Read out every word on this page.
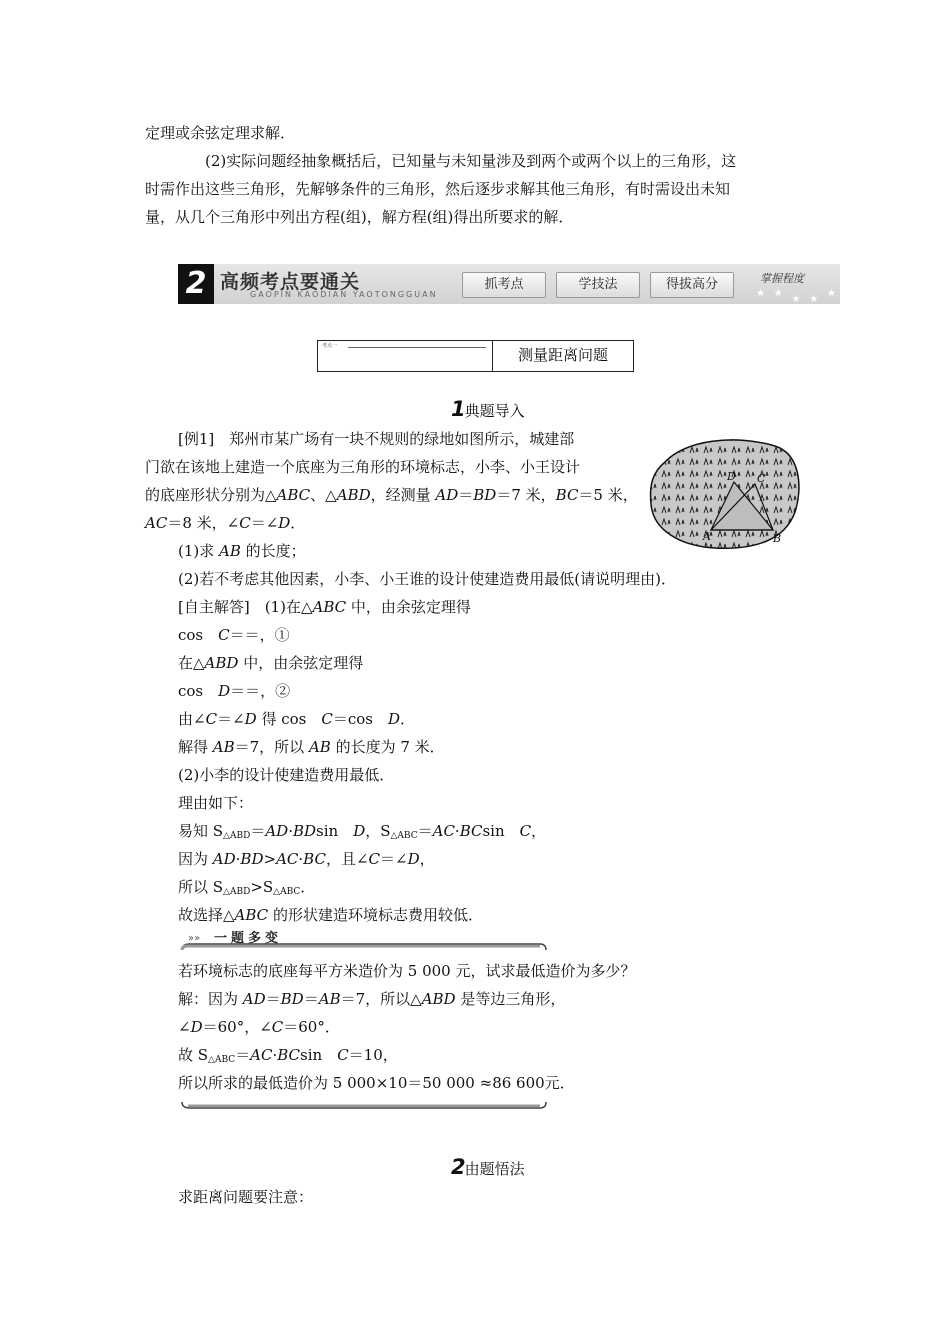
定理或余弦定理求解．
(2)实际问题经抽象概括后，已知量与未知量涉及到两个或两个以上的三角形，这
时需作出这些三角形，先解够条件的三角形，然后逐步求解其他三角形，有时需设出未知
量，从几个三角形中列出方程(组)，解方程(组)得出所要求的解．
2 高频考点要通关
GAOPIN KAODIAN YAOTONGGUAN
抓考点	学技法	得拔高分	掌握程度
★ ★ $_★$ $_★$ ★
考点一	测量距离问题
1典题导入
[例1]　郑州市某广场有一块不规则的绿地如图所示，城建部
门欲在该地上建造一个底座为三角形的环境标志，小李、小王设计
的底座形状分别为△ABC、△ABD，经测量 AD＝BD＝7 米，BC＝5 米，
AC＝8 米，∠C＝∠D．
(1)求 AB 的长度；
(2)若不考虑其他因素，小李、小王谁的设计使建造费用最低(请说明理由)．
D C
A	B
[自主解答]　(1)在△ABC 中，由余弦定理得
cos　C＝＝，①
在△ABD 中，由余弦定理得
cos　D＝＝，②
由∠C＝∠D 得 cos　C＝cos　D．
解得 AB＝7，所以 AB 的长度为 7 米．
(2)小李的设计使建造费用最低．
理由如下：
易知 $S_{\triangle ABD}=AD\cdot BDsin$　D，$S_{\triangle ABC}=AC\cdot BCsin$　C，
因为 AD·BD>AC·BC，且∠C＝∠D，
所以 $S_{\triangle ABD}>S_{\triangle ABC}$．
故选择△ABC 的形状建造环境标志费用较低．
»» 一题多变
若环境标志的底座每平方米造价为 5 000 元，试求最低造价为多少？
解：因为 AD＝BD＝AB＝7，所以△ABD 是等边三角形，
∠D＝60°，∠C＝60°．
故 $S_{\triangle ABC}=AC\cdot BCsin$　C＝10，
所以所求的最低造价为 5 000×10＝50 000 ≈86 600元．
2由题悟法
求距离问题要注意：
